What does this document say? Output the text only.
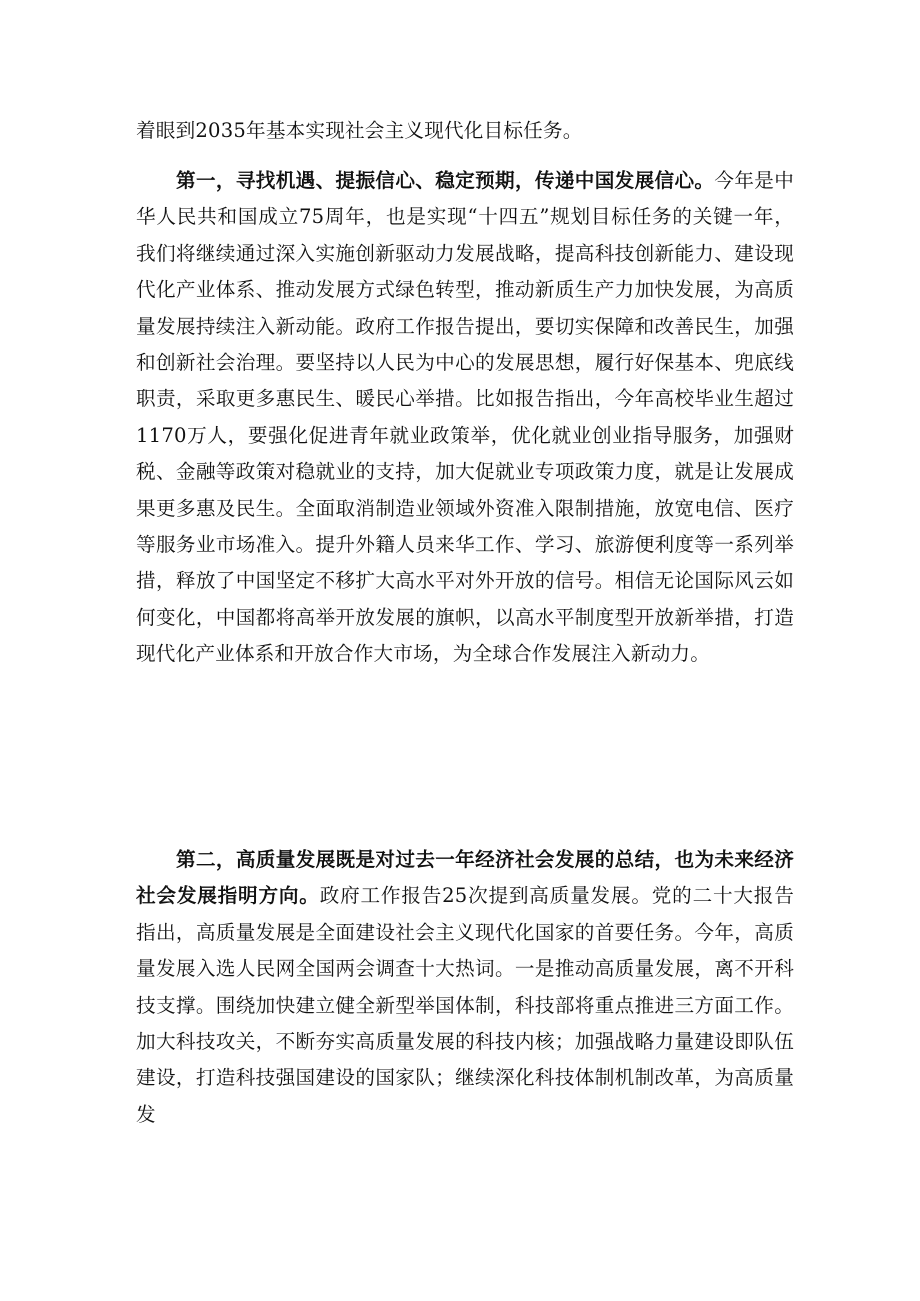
着眼到2035年基本实现社会主义现代化目标任务。

第一，寻找机遇、提振信心、稳定预期，传递中国发展信心。今年是中华人民共和国成立75周年，也是实现“十四五”规划目标任务的关键一年，我们将继续通过深入实施创新驱动力发展战略，提高科技创新能力、建设现代化产业体系、推动发展方式绿色转型，推动新质生产力加快发展，为高质量发展持续注入新动能。政府工作报告提出，要切实保障和改善民生，加强和创新社会治理。要坚持以人民为中心的发展思想，履行好保基本、兜底线职责，采取更多惠民生、暖民心举措。比如报告指出，今年高校毕业生超过1170万人，要强化促进青年就业政策举，优化就业创业指导服务，加强财税、金融等政策对稳就业的支持，加大促就业专项政策力度，就是让发展成果更多惠及民生。全面取消制造业领域外资准入限制措施，放宽电信、医疗等服务业市场准入。提升外籍人员来华工作、学习、旅游便利度等一系列举措，释放了中国坚定不移扩大高水平对外开放的信号。相信无论国际风云如何变化，中国都将高举开放发展的旗帜，以高水平制度型开放新举措，打造现代化产业体系和开放合作大市场，为全球合作发展注入新动力。

第二，高质量发展既是对过去一年经济社会发展的总结，也为未来经济社会发展指明方向。政府工作报告25次提到高质量发展。党的二十大报告指出，高质量发展是全面建设社会主义现代化国家的首要任务。今年，高质量发展入选人民网全国两会调查十大热词。一是推动高质量发展，离不开科技支撑。围绕加快建立健全新型举国体制，科技部将重点推进三方面工作。加大科技攻关，不断夯实高质量发展的科技内核；加强战略力量建设即队伍建设，打造科技强国建设的国家队；继续深化科技体制机制改革，为高质量发
